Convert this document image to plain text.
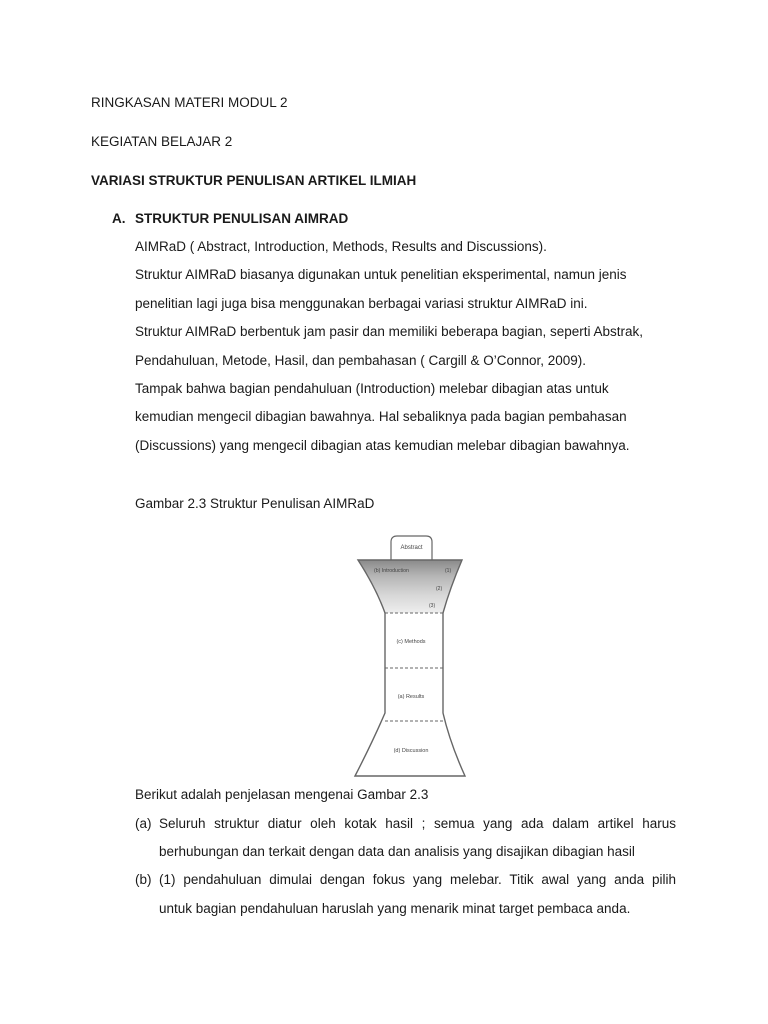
RINGKASAN MATERI MODUL 2
KEGIATAN BELAJAR 2
VARIASI STRUKTUR PENULISAN ARTIKEL ILMIAH
A. STRUKTUR PENULISAN AIMRAD
AIMRaD ( Abstract, Introduction, Methods, Results and Discussions).
Struktur AIMRaD biasanya digunakan untuk penelitian eksperimental, namun jenis
penelitian lagi juga bisa menggunakan berbagai variasi struktur AIMRaD ini.
Struktur AIMRaD berbentuk jam pasir dan memiliki beberapa bagian, seperti Abstrak,
Pendahuluan, Metode, Hasil, dan pembahasan ( Cargill & O’Connor, 2009).
Tampak bahwa bagian pendahuluan (Introduction) melebar dibagian atas untuk
kemudian mengecil dibagian bawahnya. Hal sebaliknya pada bagian pembahasan
(Discussions) yang mengecil dibagian atas kemudian melebar dibagian bawahnya.
Gambar 2.3 Struktur Penulisan AIMRaD
Abstract
(b) Introduction	(1)
(2)
(3)
(c) Methods
(a) Results
(d) Discussion
Berikut adalah penjelasan mengenai Gambar 2.3
(a) Seluruh struktur diatur oleh kotak hasil ; semua yang ada dalam artikel harus
berhubungan dan terkait dengan data dan analisis yang disajikan dibagian hasil
(b) (1) pendahuluan dimulai dengan fokus yang melebar. Titik awal yang anda pilih
untuk bagian pendahuluan haruslah yang menarik minat target pembaca anda.
